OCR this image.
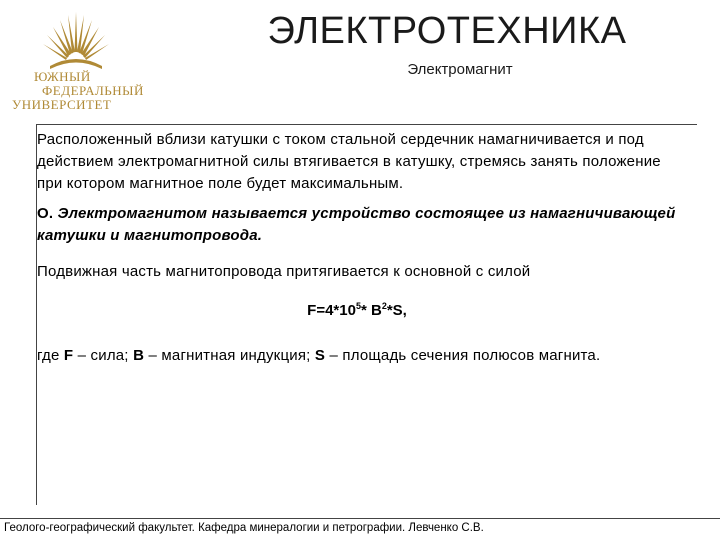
ЮЖНЫЙ
ФЕДЕРАЛЬНЫЙ
УНИВЕРСИТЕТ
ЭЛЕКТРОТЕХНИКА
Электромагнит
Расположенный вблизи катушки с током стальной сердечник намагничивается и под действием электромагнитной силы втягивается в катушку, стремясь занять положение при котором магнитное поле будет максимальным.
О. Электромагнитом называется устройство состоящее из намагничивающей катушки и магнитопровода.
Подвижная часть магнитопровода притягивается к основной с силой
$F=4*10^5*$ $B^2*S$,
где F – сила; В – магнитная индукция; S – площадь сечения полюсов магнита.
Геолого-географический факультет. Кафедра минералогии и петрографии. Левченко С.В.
